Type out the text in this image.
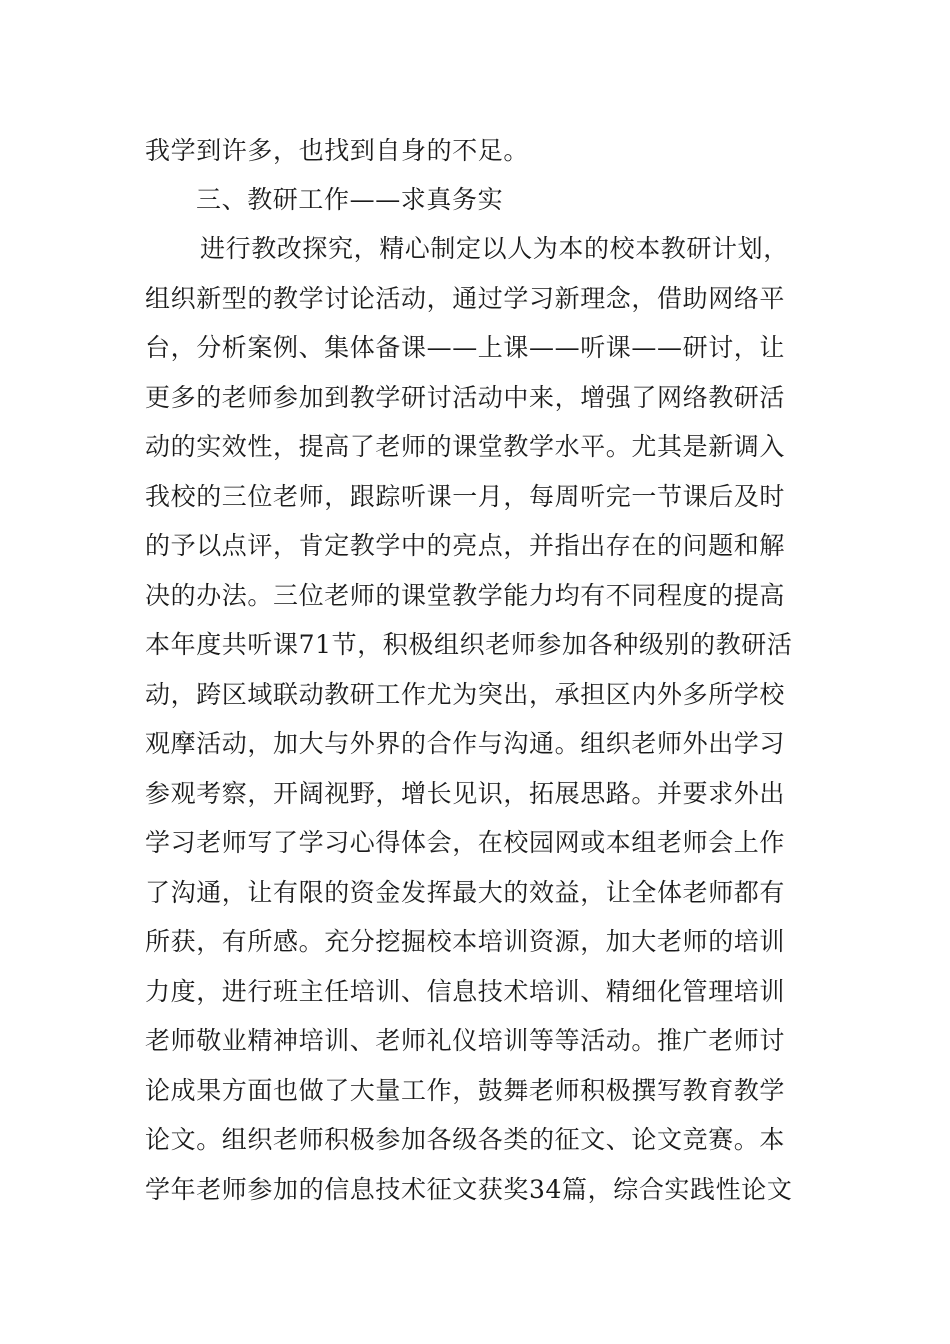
我学到许多，也找到自身的不足。
三、教研工作——求真务实
进行教改探究，精心制定以人为本的校本教研计划，
组织新型的教学讨论活动，通过学习新理念，借助网络平
台，分析案例、集体备课——上课——听课——研讨，让
更多的老师参加到教学研讨活动中来，增强了网络教研活
动的实效性，提高了老师的课堂教学水平。尤其是新调入
我校的三位老师，跟踪听课一月，每周听完一节课后及时
的予以点评，肯定教学中的亮点，并指出存在的问题和解
决的办法。三位老师的课堂教学能力均有不同程度的提高
本年度共听课71节，积极组织老师参加各种级别的教研活
动，跨区域联动教研工作尤为突出，承担区内外多所学校
观摩活动，加大与外界的合作与沟通。组织老师外出学习
参观考察，开阔视野，增长见识，拓展思路。并要求外出
学习老师写了学习心得体会，在校园网或本组老师会上作
了沟通，让有限的资金发挥最大的效益，让全体老师都有
所获，有所感。充分挖掘校本培训资源，加大老师的培训
力度，进行班主任培训、信息技术培训、精细化管理培训
老师敬业精神培训、老师礼仪培训等等活动。推广老师讨
论成果方面也做了大量工作，鼓舞老师积极撰写教育教学
论文。组织老师积极参加各级各类的征文、论文竞赛。本
学年老师参加的信息技术征文获奖34篇，综合实践性论文
